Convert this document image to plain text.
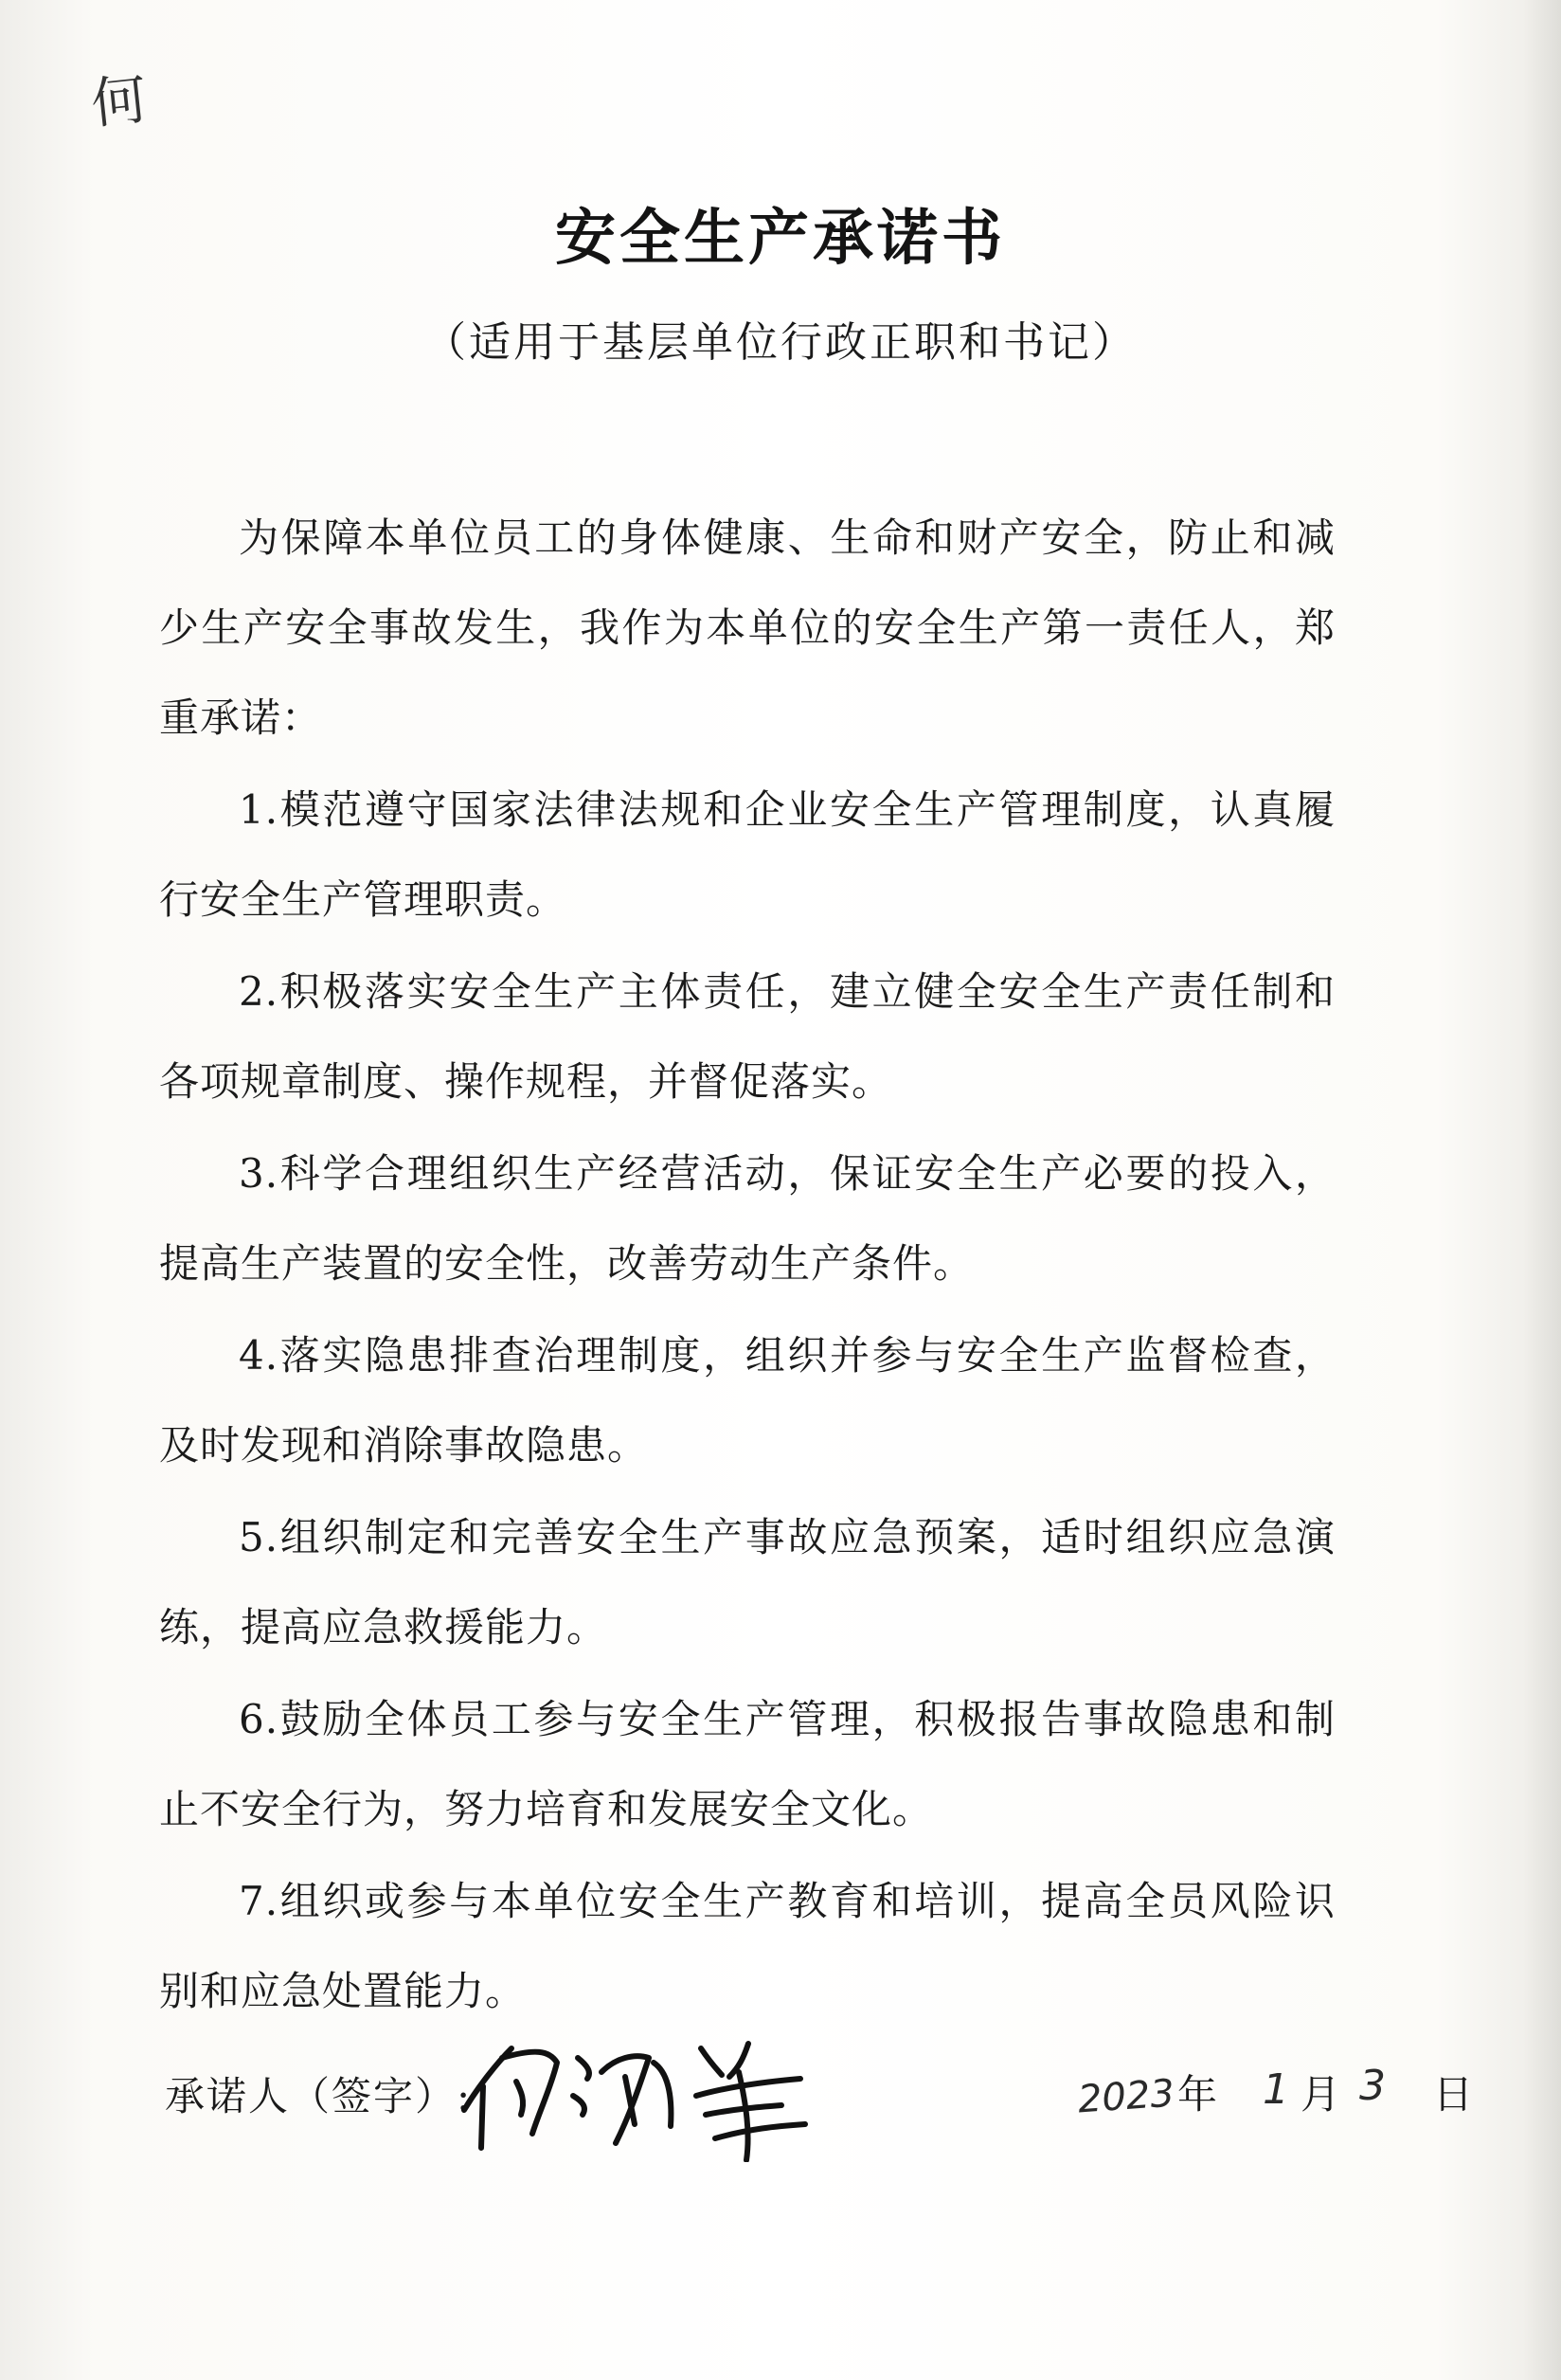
何
安全生产承诺书
（适用于基层单位行政正职和书记）

为保障本单位员工的身体健康、生命和财产安全，防止和减少生产安全事故发生，我作为本单位的安全生产第一责任人，郑重承诺：

1.模范遵守国家法律法规和企业安全生产管理制度，认真履行安全生产管理职责。

2.积极落实安全生产主体责任，建立健全安全生产责任制和各项规章制度、操作规程，并督促落实。

3.科学合理组织生产经营活动，保证安全生产必要的投入，提高生产装置的安全性，改善劳动生产条件。

4.落实隐患排查治理制度，组织并参与安全生产监督检查，及时发现和消除事故隐患。

5.组织制定和完善安全生产事故应急预案，适时组织应急演练，提高应急救援能力。

6.鼓励全体员工参与安全生产管理，积极报告事故隐患和制止不安全行为，努力培育和发展安全文化。

7.组织或参与本单位安全生产教育和培训，提高全员风险识别和应急处置能力。

承诺人（签字）:	2023 年 1 月 3 日
